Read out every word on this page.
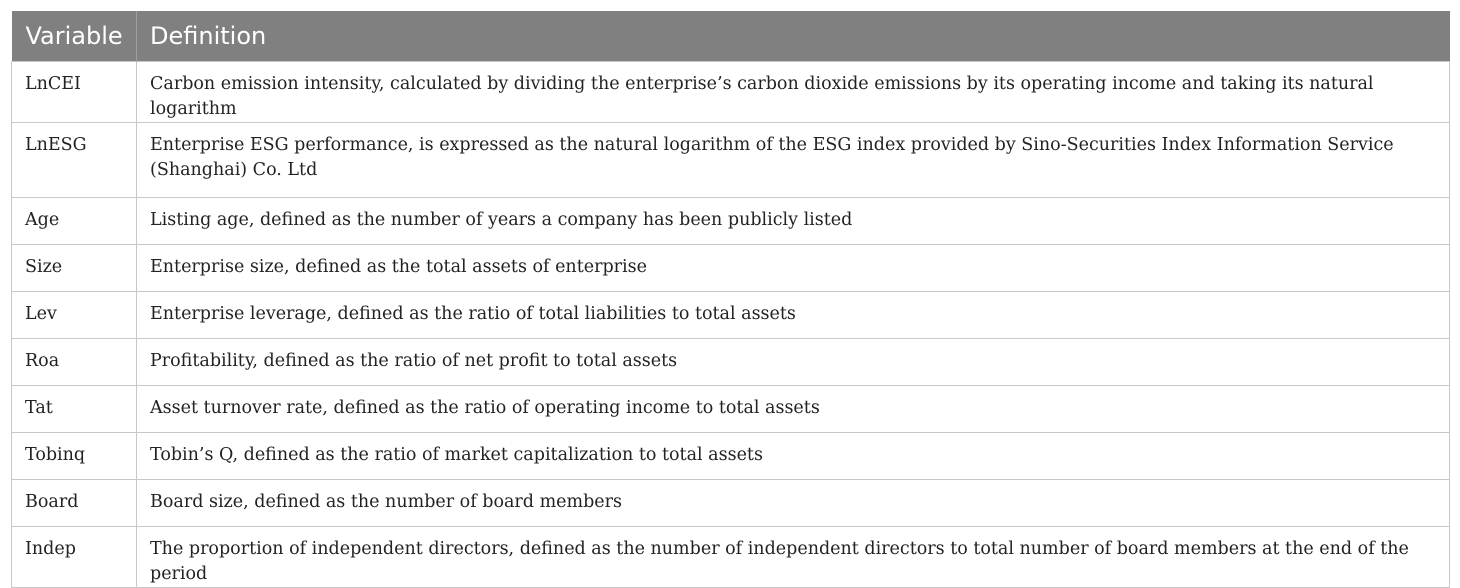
Variable	Definition

LnCEI	Carbon emission intensity, calculated by dividing the enterprise’s carbon dioxide emissions by its operating income and taking its natural logarithm

LnESG	Enterprise ESG performance, is expressed as the natural logarithm of the ESG index provided by Sino-Securities Index Information Service (Shanghai) Co. Ltd

Age	Listing age, defined as the number of years a company has been publicly listed

Size	Enterprise size, defined as the total assets of enterprise

Lev	Enterprise leverage, defined as the ratio of total liabilities to total assets

Roa	Profitability, defined as the ratio of net profit to total assets

Tat	Asset turnover rate, defined as the ratio of operating income to total assets

Tobinq	Tobin’s Q, defined as the ratio of market capitalization to total assets

Board	Board size, defined as the number of board members

Indep	The proportion of independent directors, defined as the number of independent directors to total number of board members at the end of the period
